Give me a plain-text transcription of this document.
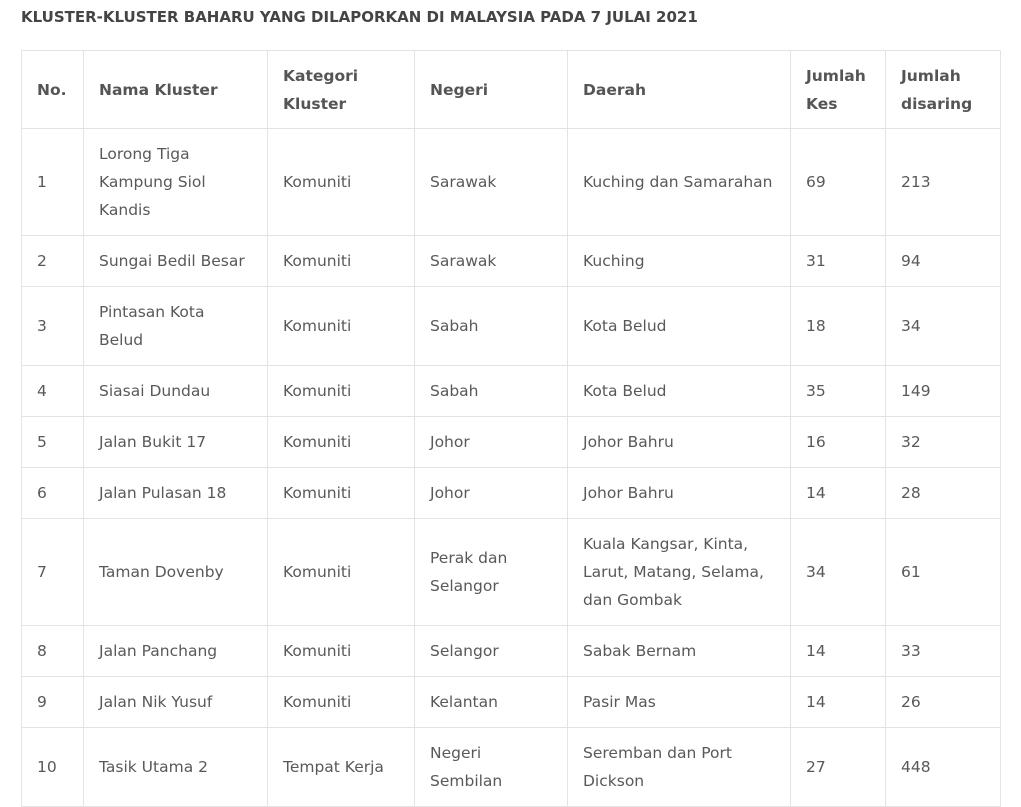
KLUSTER-KLUSTER BAHARU YANG DILAPORKAN DI MALAYSIA PADA 7 JULAI 2021
No.	Nama Kluster	Kategori Kluster	Negeri	Daerah	Jumlah Kes	Jumlah disaring
1	Lorong Tiga Kampung Siol Kandis	Komuniti	Sarawak	Kuching dan Samarahan	69	213
2	Sungai Bedil Besar	Komuniti	Sarawak	Kuching	31	94
3	Pintasan Kota Belud	Komuniti	Sabah	Kota Belud	18	34
4	Siasai Dundau	Komuniti	Sabah	Kota Belud	35	149
5	Jalan Bukit 17	Komuniti	Johor	Johor Bahru	16	32
6	Jalan Pulasan 18	Komuniti	Johor	Johor Bahru	14	28
7	Taman Dovenby	Komuniti	Perak dan Selangor	Kuala Kangsar, Kinta, Larut, Matang, Selama, dan Gombak	34	61
8	Jalan Panchang	Komuniti	Selangor	Sabak Bernam	14	33
9	Jalan Nik Yusuf	Komuniti	Kelantan	Pasir Mas	14	26
10	Tasik Utama 2	Tempat Kerja	Negeri Sembilan	Seremban dan Port Dickson	27	448
